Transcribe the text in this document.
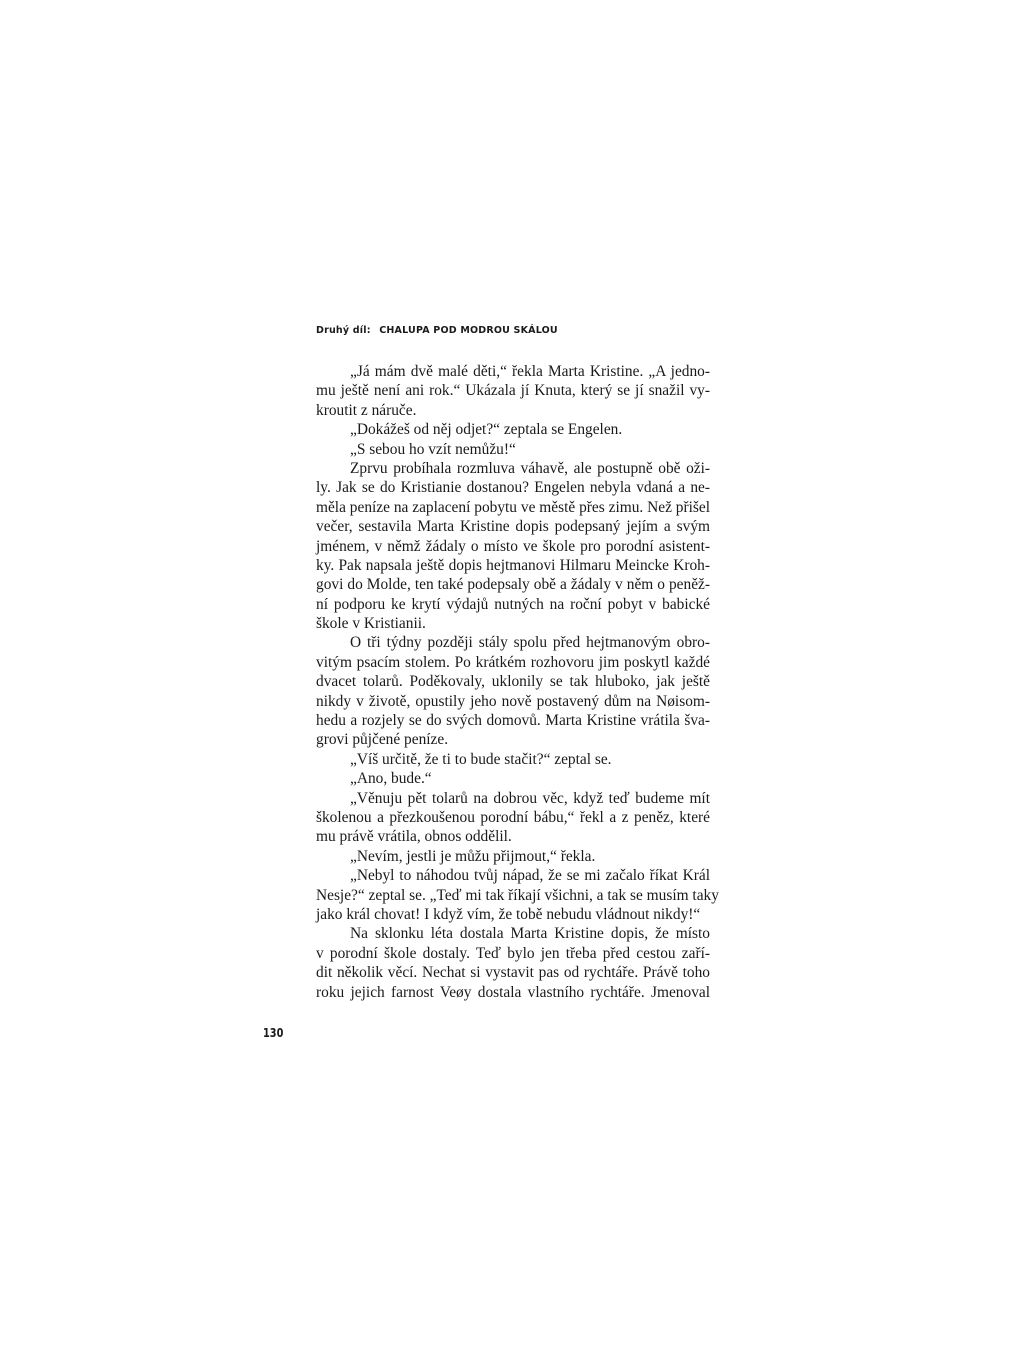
Druhý díl: CHALUPA POD MODROU SKÁLOU
„Já mám dvě malé děti,“ řekla Marta Kristine. „A jedno-
mu ještě není ani rok.“ Ukázala jí Knuta, který se jí snažil vy-
kroutit z náruče.
„Dokážeš od něj odjet?“ zeptala se Engelen.
„S sebou ho vzít nemůžu!“
Zprvu probíhala rozmluva váhavě, ale postupně obě oži-
ly. Jak se do Kristianie dostanou? Engelen nebyla vdaná a ne-
měla peníze na zaplacení pobytu ve městě přes zimu. Než přišel
večer, sestavila Marta Kristine dopis podepsaný jejím a svým
jménem, v němž žádaly o místo ve škole pro porodní asistent-
ky. Pak napsala ještě dopis hejtmanovi Hilmaru Meincke Kroh-
govi do Molde, ten také podepsaly obě a žádaly v něm o peněž-
ní podporu ke krytí výdajů nutných na roční pobyt v babické
škole v Kristianii.
O tři týdny později stály spolu před hejtmanovým obro-
vitým psacím stolem. Po krátkém rozhovoru jim poskytl každé
dvacet tolarů. Poděkovaly, uklonily se tak hluboko, jak ještě
nikdy v životě, opustily jeho nově postavený dům na Nøisom-
hedu a rozjely se do svých domovů. Marta Kristine vrátila šva-
grovi půjčené peníze.
„Víš určitě, že ti to bude stačit?“ zeptal se.
„Ano, bude.“
„Věnuju pět tolarů na dobrou věc, když teď budeme mít
školenou a přezkoušenou porodní bábu,“ řekl a z peněz, které
mu právě vrátila, obnos oddělil.
„Nevím, jestli je můžu přijmout,“ řekla.
„Nebyl to náhodou tvůj nápad, že se mi začalo říkat Král
Nesje?“ zeptal se. „Teď mi tak říkají všichni, a tak se musím taky
jako král chovat! I když vím, že tobě nebudu vládnout nikdy!“
Na sklonku léta dostala Marta Kristine dopis, že místo
v porodní škole dostaly. Teď bylo jen třeba před cestou zaří-
dit několik věcí. Nechat si vystavit pas od rychtáře. Právě toho
roku jejich farnost Veøy dostala vlastního rychtáře. Jmenoval
130
